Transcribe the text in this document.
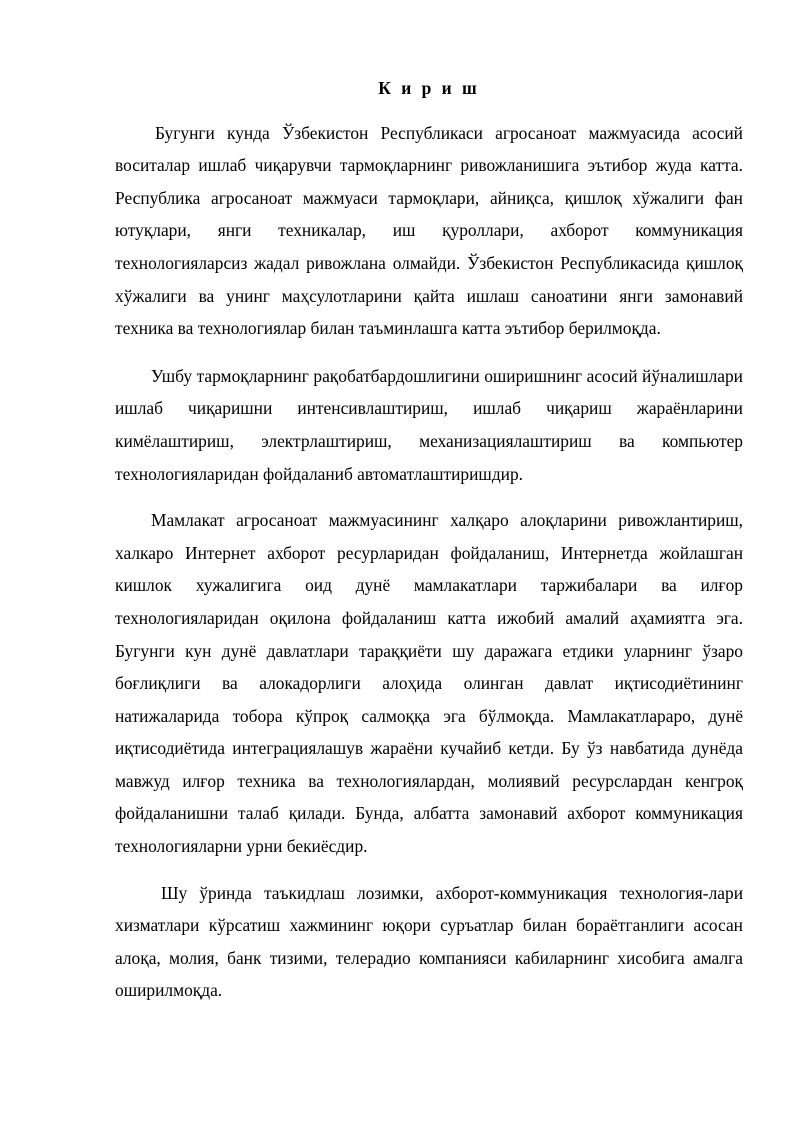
К и р и ш

Бугунги кунда Ўзбекистон Республикаси агросаноат мажмуасида асосий воситалар ишлаб чиқарувчи тармоқларнинг ривожланишига эътибор жуда катта. Республика агросаноат мажмуаси тармоқлари, айниқса, қишлоқ хўжалиги фан ютуқлари, янги техникалар, иш қуроллари, ахборот коммуникация технологияларсиз жадал ривожлана олмайди. Ўзбекистон Республикасида қишлоқ хўжалиги ва унинг маҳсулотларини қайта ишлаш саноатини янги замонавий техника ва технологиялар билан таъминлашга катта эътибор берилмоқда.

Ушбу тармоқларнинг рақобатбардошлигини оширишнинг асосий йўналишлари ишлаб чиқаришни интенсивлаштириш, ишлаб чиқариш жараёнларини кимёлаштириш, электрлаштириш, механизациялаштириш ва компьютер технологияларидан фойдаланиб автоматлаштиришдир.

Мамлакат агросаноат мажмуасининг халқаро алоқларини ривожлантириш, халкаро Интернет ахборот ресурларидан фойдаланиш, Интернетда жойлашган кишлок хужалигига оид дунё мамлакатлари таржибалари ва илғор технологияларидан оқилона фойдаланиш катта ижобий амалий аҳамиятга эга. Бугунги кун дунё давлатлари тараққиёти шу даражага етдики уларнинг ўзаро боғлиқлиги ва алокадорлиги алоҳида олинган давлат иқтисодиётининг натижаларида тобора кўпроқ салмоққа эга бўлмоқда. Мамлакатлараро, дунё иқтисодиётида интеграциялашув жараёни кучайиб кетди. Бу ўз навбатида дунёда мавжуд илғор техника ва технологиялардан, молиявий ресурслардан кенгроқ фойдаланишни талаб қилади. Бунда, албатта замонавий ахборот коммуникация технологияларни урни бекиёсдир.

Шу ўринда таъкидлаш лозимки, ахборот-коммуникация технология-лари хизматлари кўрсатиш хажмининг юқори суръатлар билан бораётганлиги асосан алоқа, молия, банк тизими, телерадио компанияси кабиларнинг хисобига амалга оширилмоқда.
